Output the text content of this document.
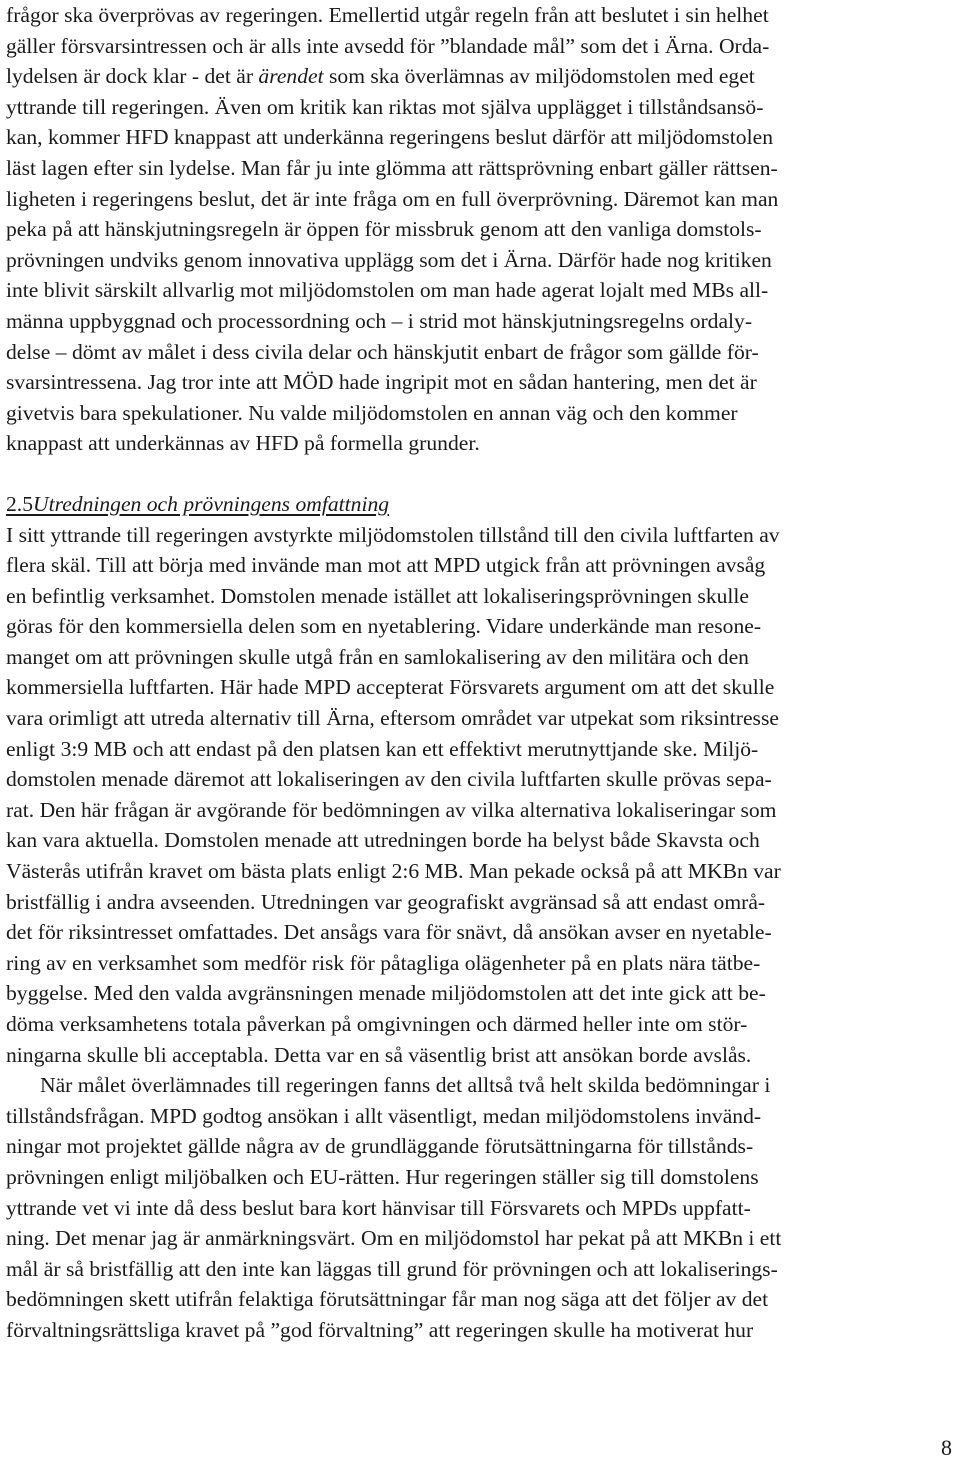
frågor ska överprövas av regeringen. Emellertid utgår regeln från att beslutet i sin helhet
gäller försvarsintressen och är alls inte avsedd för ”blandade mål” som det i Ärna. Orda-
lydelsen är dock klar - det är ärendet som ska överlämnas av miljödomstolen med eget
yttrande till regeringen. Även om kritik kan riktas mot själva upplägget i tillståndsansö-
kan, kommer HFD knappast att underkänna regeringens beslut därför att miljödomstolen
läst lagen efter sin lydelse. Man får ju inte glömma att rättsprövning enbart gäller rättsen-
ligheten i regeringens beslut, det är inte fråga om en full överprövning. Däremot kan man
peka på att hänskjutningsregeln är öppen för missbruk genom att den vanliga domstols-
prövningen undviks genom innovativa upplägg som det i Ärna. Därför hade nog kritiken
inte blivit särskilt allvarlig mot miljödomstolen om man hade agerat lojalt med MBs all-
männa uppbyggnad och processordning och – i strid mot hänskjutningsregelns ordaly-
delse – dömt av målet i dess civila delar och hänskjutit enbart de frågor som gällde för-
svarsintressena. Jag tror inte att MÖD hade ingripit mot en sådan hantering, men det är
givetvis bara spekulationer. Nu valde miljödomstolen en annan väg och den kommer
knappast att underkännas av HFD på formella grunder.
2.5Utredningen och prövningens omfattning
I sitt yttrande till regeringen avstyrkte miljödomstolen tillstånd till den civila luftfarten av
flera skäl. Till att börja med invände man mot att MPD utgick från att prövningen avsåg
en befintlig verksamhet. Domstolen menade istället att lokaliseringsprövningen skulle
göras för den kommersiella delen som en nyetablering. Vidare underkände man resone-
manget om att prövningen skulle utgå från en samlokalisering av den militära och den
kommersiella luftfarten. Här hade MPD accepterat Försvarets argument om att det skulle
vara orimligt att utreda alternativ till Ärna, eftersom området var utpekat som riksintresse
enligt 3:9 MB och att endast på den platsen kan ett effektivt merutnyttjande ske. Miljö-
domstolen menade däremot att lokaliseringen av den civila luftfarten skulle prövas sepa-
rat. Den här frågan är avgörande för bedömningen av vilka alternativa lokaliseringar som
kan vara aktuella. Domstolen menade att utredningen borde ha belyst både Skavsta och
Västerås utifrån kravet om bästa plats enligt 2:6 MB. Man pekade också på att MKBn var
bristfällig i andra avseenden. Utredningen var geografiskt avgränsad så att endast områ-
det för riksintresset omfattades. Det ansågs vara för snävt, då ansökan avser en nyetable-
ring av en verksamhet som medför risk för påtagliga olägenheter på en plats nära tätbe-
byggelse. Med den valda avgränsningen menade miljödomstolen att det inte gick att be-
döma verksamhetens totala påverkan på omgivningen och därmed heller inte om stör-
ningarna skulle bli acceptabla. Detta var en så väsentlig brist att ansökan borde avslås.
När målet överlämnades till regeringen fanns det alltså två helt skilda bedömningar i
tillståndsfrågan. MPD godtog ansökan i allt väsentligt, medan miljödomstolens invänd-
ningar mot projektet gällde några av de grundläggande förutsättningarna för tillstånds-
prövningen enligt miljöbalken och EU-rätten. Hur regeringen ställer sig till domstolens
yttrande vet vi inte då dess beslut bara kort hänvisar till Försvarets och MPDs uppfatt-
ning. Det menar jag är anmärkningsvärt. Om en miljödomstol har pekat på att MKBn i ett
mål är så bristfällig att den inte kan läggas till grund för prövningen och att lokaliserings-
bedömningen skett utifrån felaktiga förutsättningar får man nog säga att det följer av det
förvaltningsrättsliga kravet på ”god förvaltning” att regeringen skulle ha motiverat hur
8
